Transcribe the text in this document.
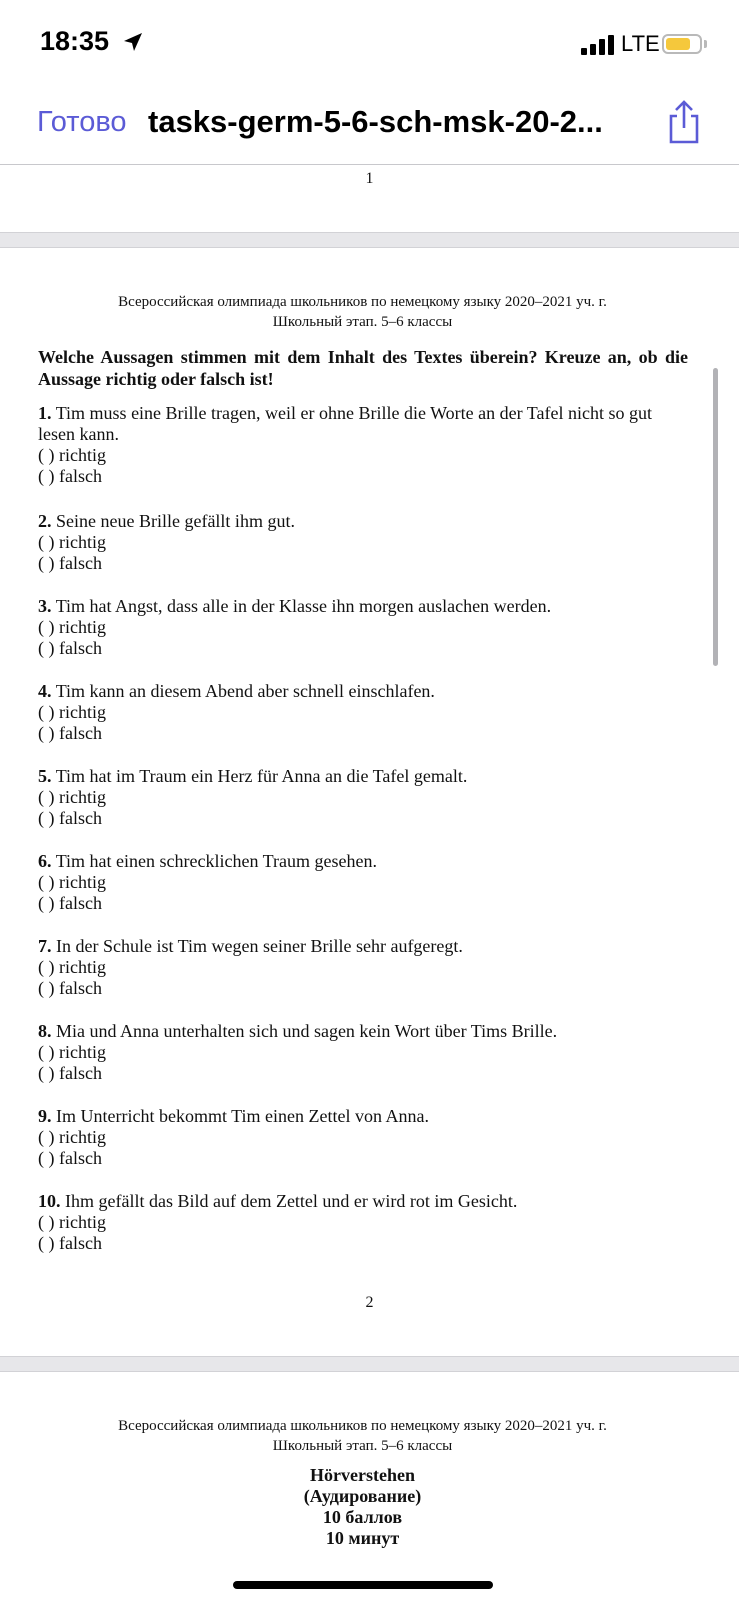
18:35	LTE
Готово tasks-germ-5-6-sch-msk-20-2...
1
Всероссийская олимпиада школьников по немецкому языку 2020–2021 уч. г.
Школьный этап. 5–6 классы
Welche Aussagen stimmen mit dem Inhalt des Textes überein? Kreuze an, ob die Aussage richtig oder falsch ist!
1. Tim muss eine Brille tragen, weil er ohne Brille die Worte an der Tafel nicht so gut lesen kann.
( ) richtig
( ) falsch
2. Seine neue Brille gefällt ihm gut.
( ) richtig
( ) falsch
3. Tim hat Angst, dass alle in der Klasse ihn morgen auslachen werden.
( ) richtig
( ) falsch
4. Tim kann an diesem Abend aber schnell einschlafen.
( ) richtig
( ) falsch
5. Tim hat im Traum ein Herz für Anna an die Tafel gemalt.
( ) richtig
( ) falsch
6. Tim hat einen schrecklichen Traum gesehen.
( ) richtig
( ) falsch
7. In der Schule ist Tim wegen seiner Brille sehr aufgeregt.
( ) richtig
( ) falsch
8. Mia und Anna unterhalten sich und sagen kein Wort über Tims Brille.
( ) richtig
( ) falsch
9. Im Unterricht bekommt Tim einen Zettel von Anna.
( ) richtig
( ) falsch
10. Ihm gefällt das Bild auf dem Zettel und er wird rot im Gesicht.
( ) richtig
( ) falsch
2
Всероссийская олимпиада школьников по немецкому языку 2020–2021 уч. г.
Школьный этап. 5–6 классы
Hörverstehen
(Аудирование)
10 баллов
10 минут
